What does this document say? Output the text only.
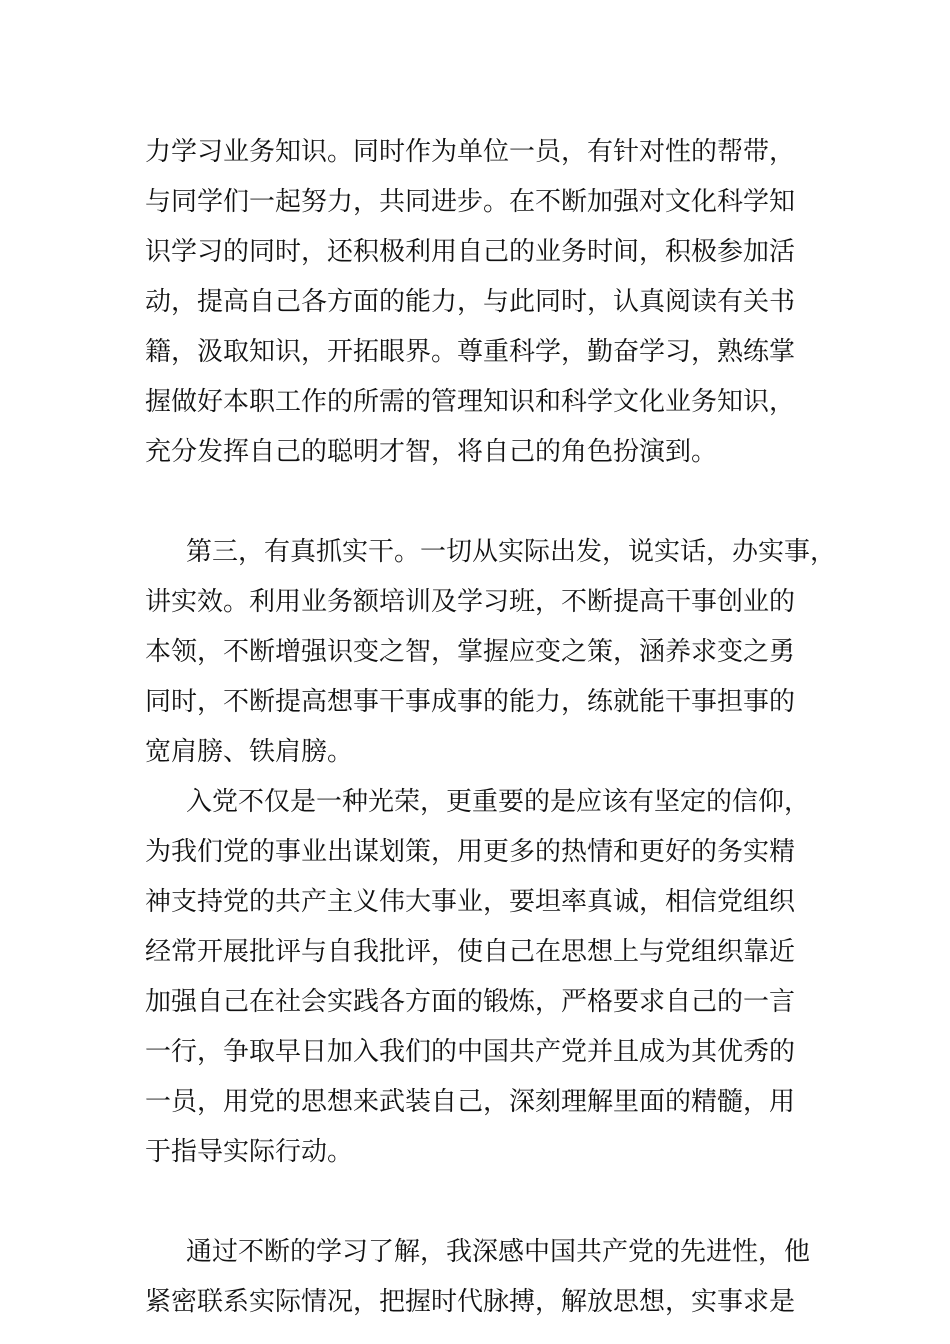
力学习业务知识。同时作为单位一员，有针对性的帮带，
与同学们一起努力，共同进步。在不断加强对文化科学知
识学习的同时，还积极利用自己的业务时间，积极参加活
动，提高自己各方面的能力，与此同时，认真阅读有关书
籍，汲取知识，开拓眼界。尊重科学，勤奋学习，熟练掌
握做好本职工作的所需的管理知识和科学文化业务知识，
充分发挥自己的聪明才智，将自己的角色扮演到。
第三，有真抓实干。一切从实际出发，说实话，办实事，
讲实效。利用业务额培训及学习班，不断提高干事创业的
本领，不断增强识变之智，掌握应变之策，涵养求变之勇
同时，不断提高想事干事成事的能力，练就能干事担事的
宽肩膀、铁肩膀。
入党不仅是一种光荣，更重要的是应该有坚定的信仰，
为我们党的事业出谋划策，用更多的热情和更好的务实精
神支持党的共产主义伟大事业，要坦率真诚，相信党组织
经常开展批评与自我批评，使自己在思想上与党组织靠近
加强自己在社会实践各方面的锻炼，严格要求自己的一言
一行，争取早日加入我们的中国共产党并且成为其优秀的
一员，用党的思想来武装自己，深刻理解里面的精髓，用
于指导实际行动。
通过不断的学习了解，我深感中国共产党的先进性，他
紧密联系实际情况，把握时代脉搏，解放思想，实事求是
